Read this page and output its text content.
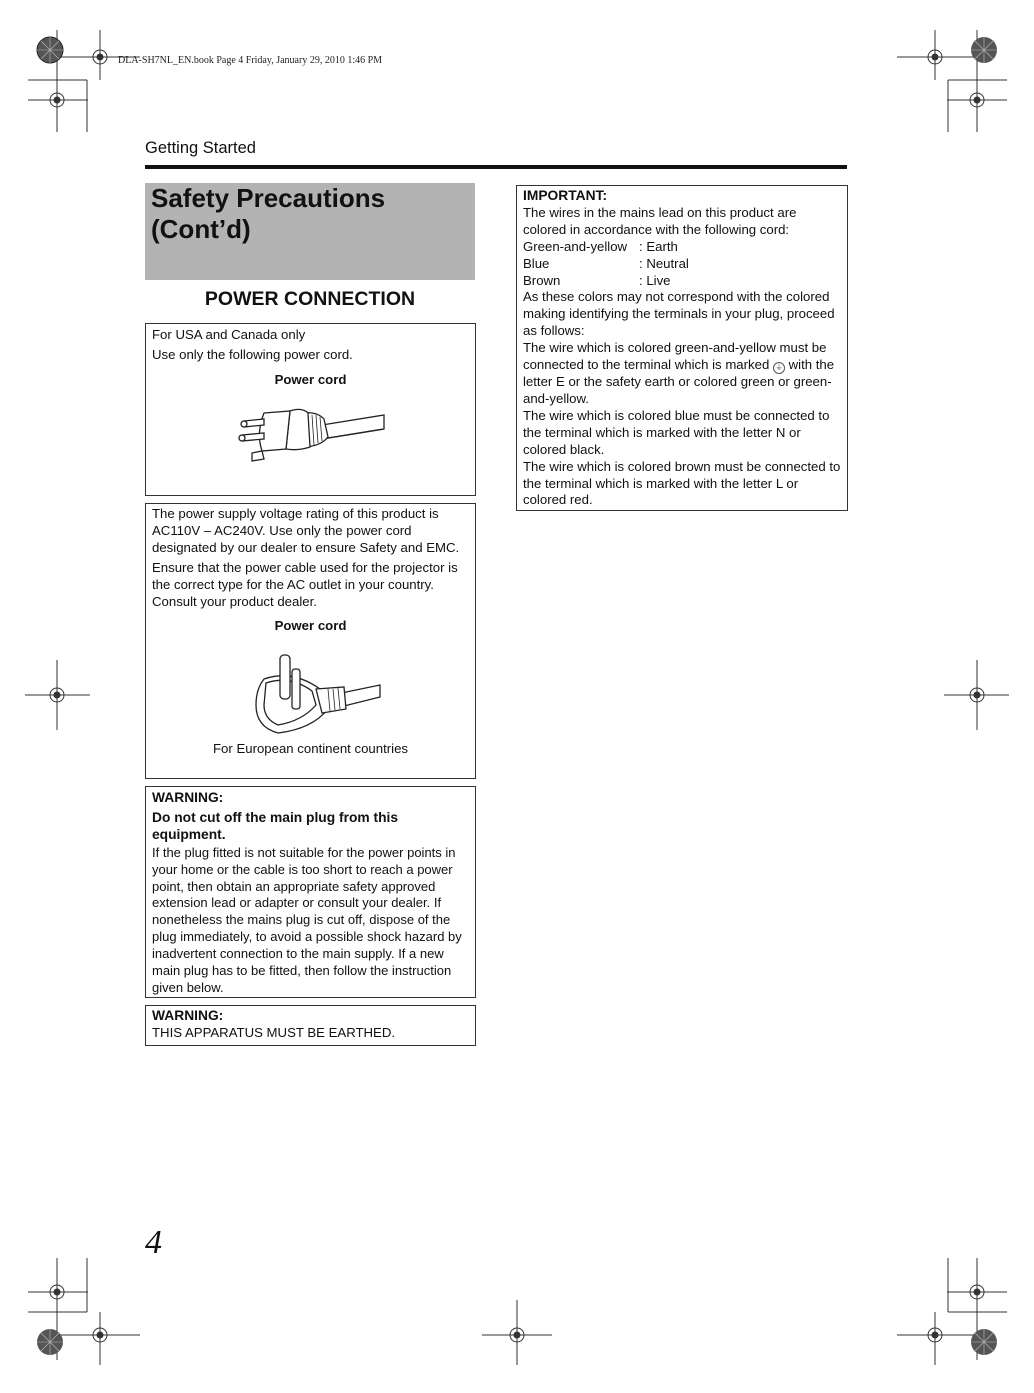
DLA-SH7NL_EN.book Page 4 Friday, January 29, 2010 1:46 PM
Getting Started
Safety Precautions
(Cont’d)
POWER CONNECTION

For USA and Canada only

Use only the following power cord.

Power cord

The power supply voltage rating of this product is AC110V – AC240V. Use only the power cord designated by our dealer to ensure Safety and EMC.

Ensure that the power cable used for the projector is the correct type for the AC outlet in your country. Consult your product dealer.

Power cord

For European continent countries

WARNING:

Do not cut off the main plug from this equipment.

If the plug fitted is not suitable for the power points in your home or the cable is too short to reach a power point, then obtain an appropriate safety approved extension lead or adapter or consult your dealer. If nonetheless the mains plug is cut off, dispose of the plug immediately, to avoid a possible shock hazard by inadvertent connection to the main supply. If a new main plug has to be fitted, then follow the instruction given below.

WARNING:

THIS APPARATUS MUST BE EARTHED.

IMPORTANT:

The wires in the mains lead on this product are colored in accordance with the following cord:

Green-and-yellow : Earth
Blue	: Neutral
Brown	: Live

As these colors may not correspond with the colored making identifying the terminals in your plug, proceed as follows:

The wire which is colored green-and-yellow must be connected to the terminal which is marked ⏚ with the letter E or the safety earth or colored green or green-and-yellow.

The wire which is colored blue must be connected to the terminal which is marked with the letter N or colored black.

The wire which is colored brown must be connected to the terminal which is marked with the letter L or colored red.

4
